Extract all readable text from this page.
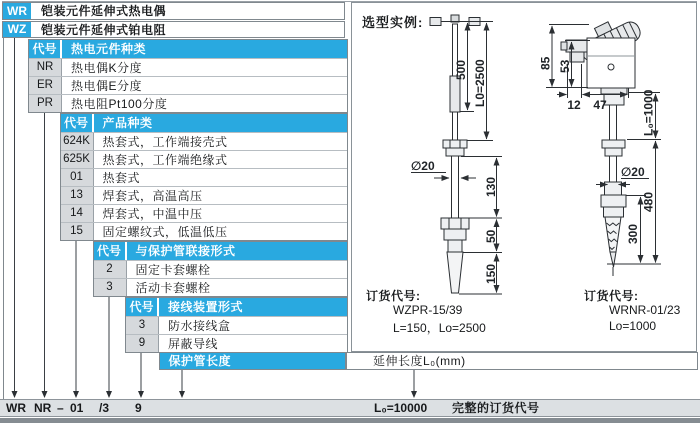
500 L0=2500
130
50
150
∅20
85 53
12 47	L₀=1000
480
300
∅20
WR	铠装元件延伸式热电偶
WZ	铠装元件延伸式铂电阻
代号	热电元件种类
NR	热电偶K分度
ER	热电偶E分度
PR	热电阻Pt100分度
代号	产品种类
624K	热套式，工作端接壳式
625K	热套式，工作端绝缘式
01	热套式
13	焊套式，高温高压
14	焊套式，中温中压
15	固定螺纹式，低温低压
代号	与保护管联接形式
2	固定卡套螺栓
3	活动卡套螺栓
代号	接线装置形式
3	防水接线盒
9	屏蔽导线
保护管长度	延伸长度L₀(mm)
选型实例:
订货代号:
WZPR-15/39
L=150，Lo=2500
订货代号:
WRNR-01/23
Lo=1000
WR NR – 01 /3 9	L₀=10000 完整的订货代号
